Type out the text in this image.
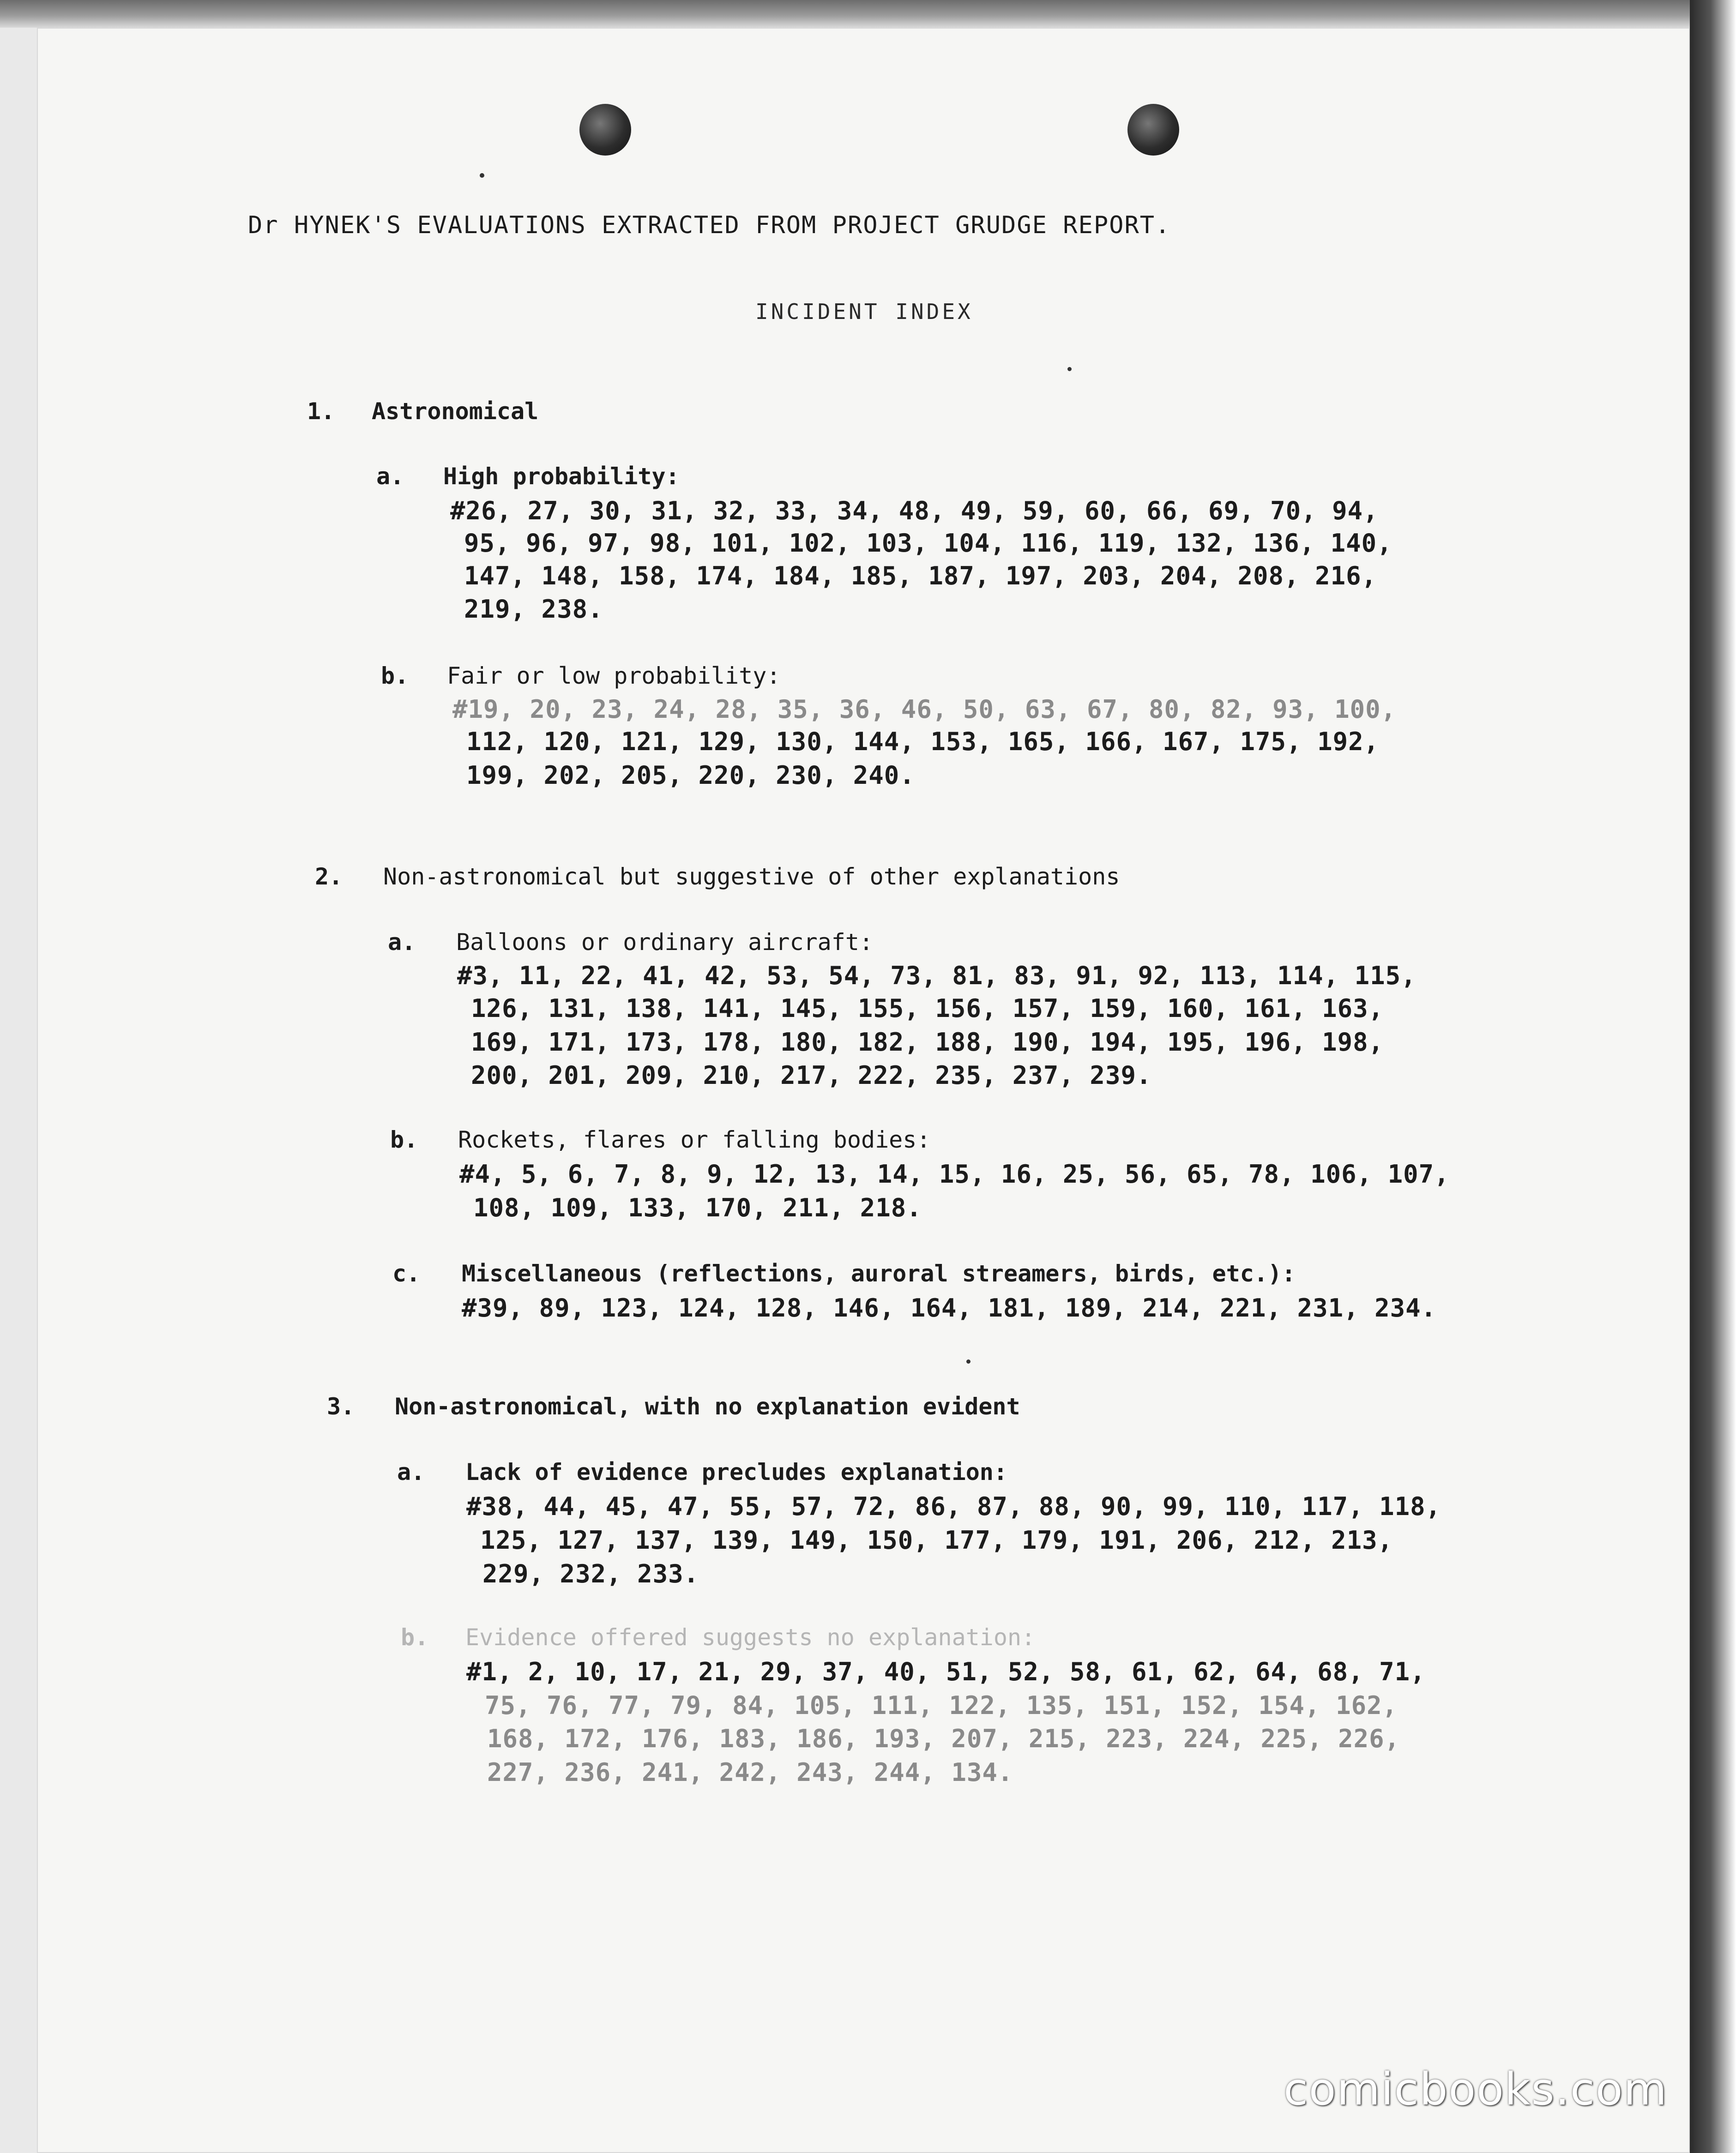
Dr HYNEK'S EVALUATIONS EXTRACTED FROM PROJECT GRUDGE REPORT.
INCIDENT INDEX
1. Astronomical
a. High probability:
#26, 27, 30, 31, 32, 33, 34, 48, 49, 59, 60, 66, 69, 70, 94,
95, 96, 97, 98, 101, 102, 103, 104, 116, 119, 132, 136, 140,
147, 148, 158, 174, 184, 185, 187, 197, 203, 204, 208, 216,
219, 238.
b. Fair or low probability:
#19, 20, 23, 24, 28, 35, 36, 46, 50, 63, 67, 80, 82, 93, 100,
112, 120, 121, 129, 130, 144, 153, 165, 166, 167, 175, 192,
199, 202, 205, 220, 230, 240.
2. Non-astronomical but suggestive of other explanations
a. Balloons or ordinary aircraft:
#3, 11, 22, 41, 42, 53, 54, 73, 81, 83, 91, 92, 113, 114, 115,
126, 131, 138, 141, 145, 155, 156, 157, 159, 160, 161, 163,
169, 171, 173, 178, 180, 182, 188, 190, 194, 195, 196, 198,
200, 201, 209, 210, 217, 222, 235, 237, 239.
b. Rockets, flares or falling bodies:
#4, 5, 6, 7, 8, 9, 12, 13, 14, 15, 16, 25, 56, 65, 78, 106, 107,
108, 109, 133, 170, 211, 218.
c. Miscellaneous (reflections, auroral streamers, birds, etc.):
#39, 89, 123, 124, 128, 146, 164, 181, 189, 214, 221, 231, 234.
3. Non-astronomical, with no explanation evident
a. Lack of evidence precludes explanation:
#38, 44, 45, 47, 55, 57, 72, 86, 87, 88, 90, 99, 110, 117, 118,
125, 127, 137, 139, 149, 150, 177, 179, 191, 206, 212, 213,
229, 232, 233.
b. Evidence offered suggests no explanation:
#1, 2, 10, 17, 21, 29, 37, 40, 51, 52, 58, 61, 62, 64, 68, 71,
75, 76, 77, 79, 84, 105, 111, 122, 135, 151, 152, 154, 162,
168, 172, 176, 183, 186, 193, 207, 215, 223, 224, 225, 226,
227, 236, 241, 242, 243, 244, 134.
comicbooks.com
